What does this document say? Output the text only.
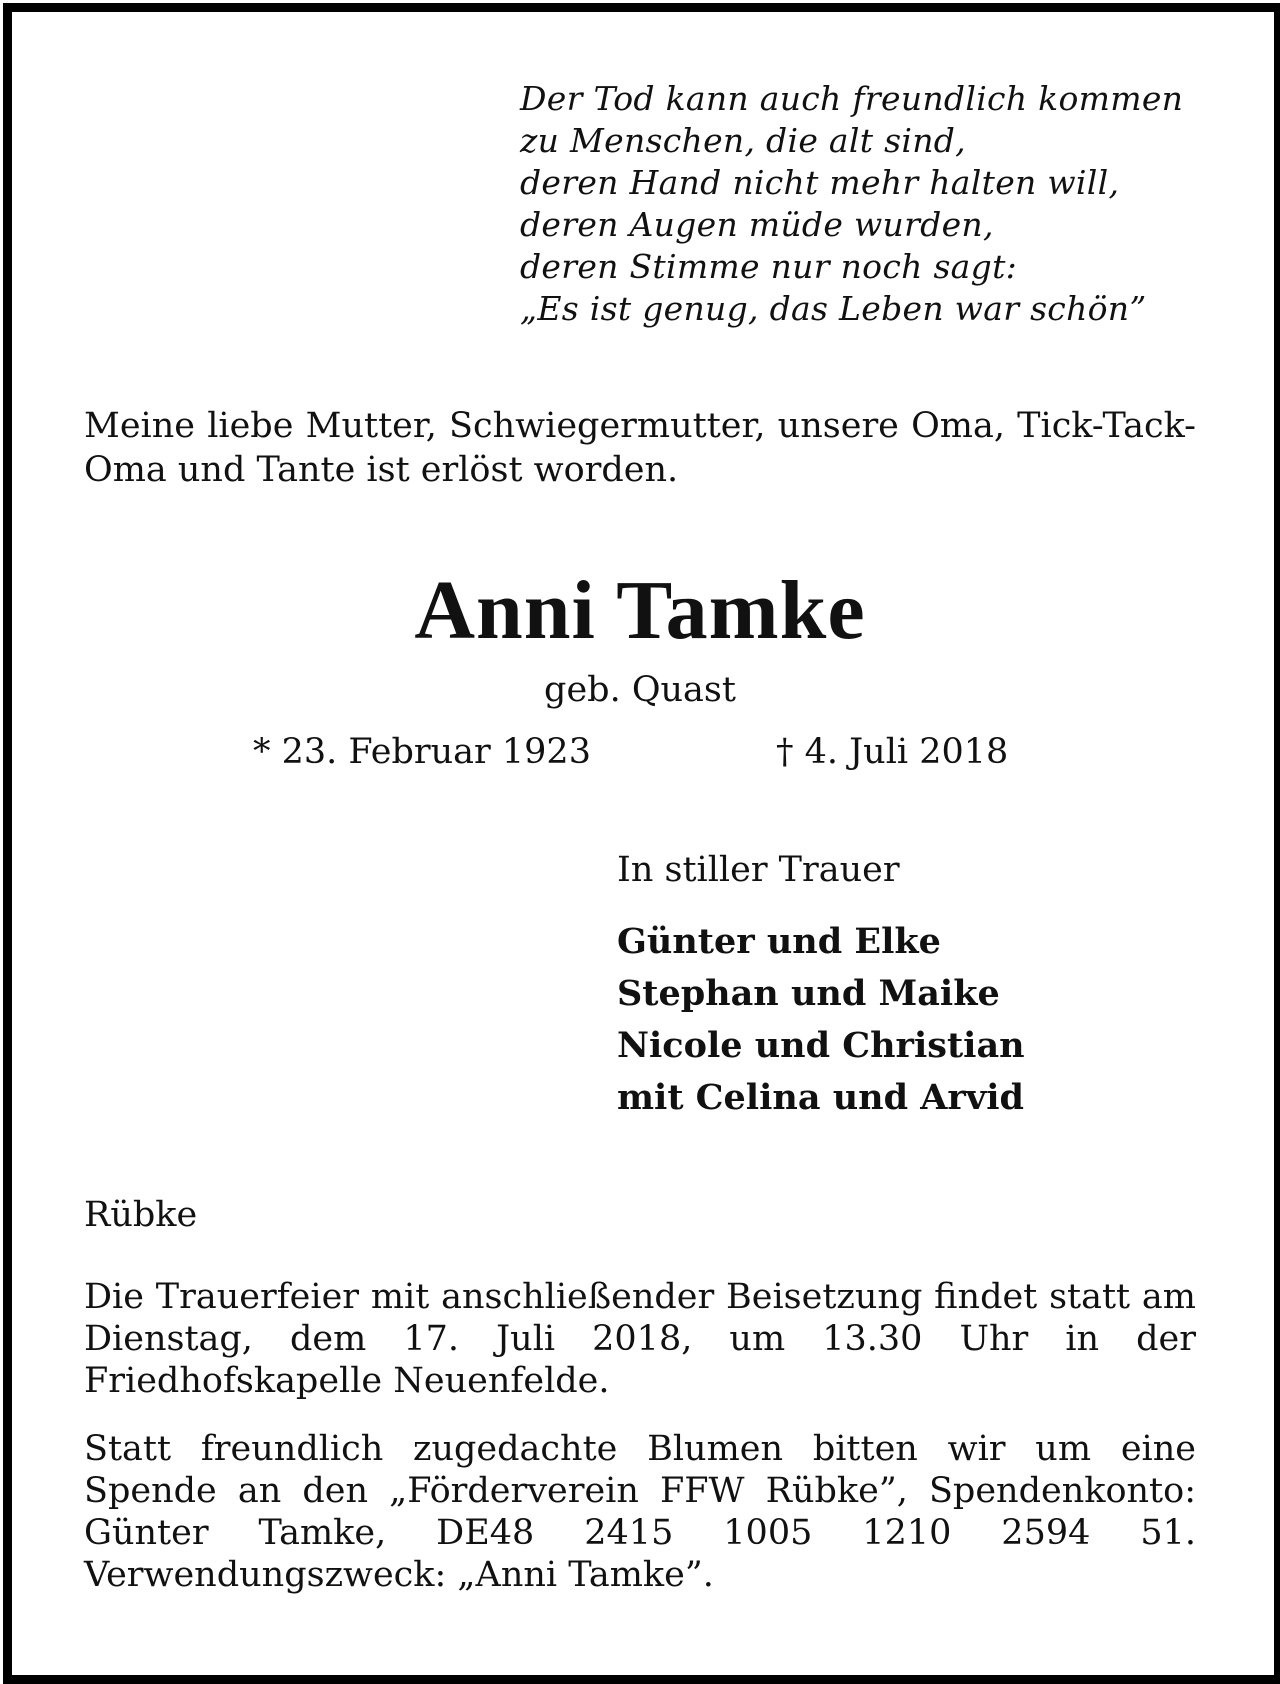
Der Tod kann auch freundlich kommen
zu Menschen, die alt sind,
deren Hand nicht mehr halten will,
deren Augen müde wurden,
deren Stimme nur noch sagt:
„Es ist genug, das Leben war schön”
Meine liebe Mutter, Schwiegermutter, unsere Oma, Tick-Tack-Oma und Tante ist erlöst worden.
Anni Tamke
geb. Quast
* 23. Februar 1923	† 4. Juli 2018
In stiller Trauer
Günter und Elke
Stephan und Maike
Nicole und Christian
mit Celina und Arvid
Rübke
Die Trauerfeier mit anschließender Beisetzung findet statt am Dienstag, dem 17. Juli 2018, um 13.30 Uhr in der Friedhofskapelle Neuenfelde.
Statt freundlich zugedachte Blumen bitten wir um eine Spende an den „Förderverein FFW Rübke”, Spendenkonto: Günter Tamke, DE48 2415 1005 1210 2594 51. Verwendungszweck: „Anni Tamke”.
